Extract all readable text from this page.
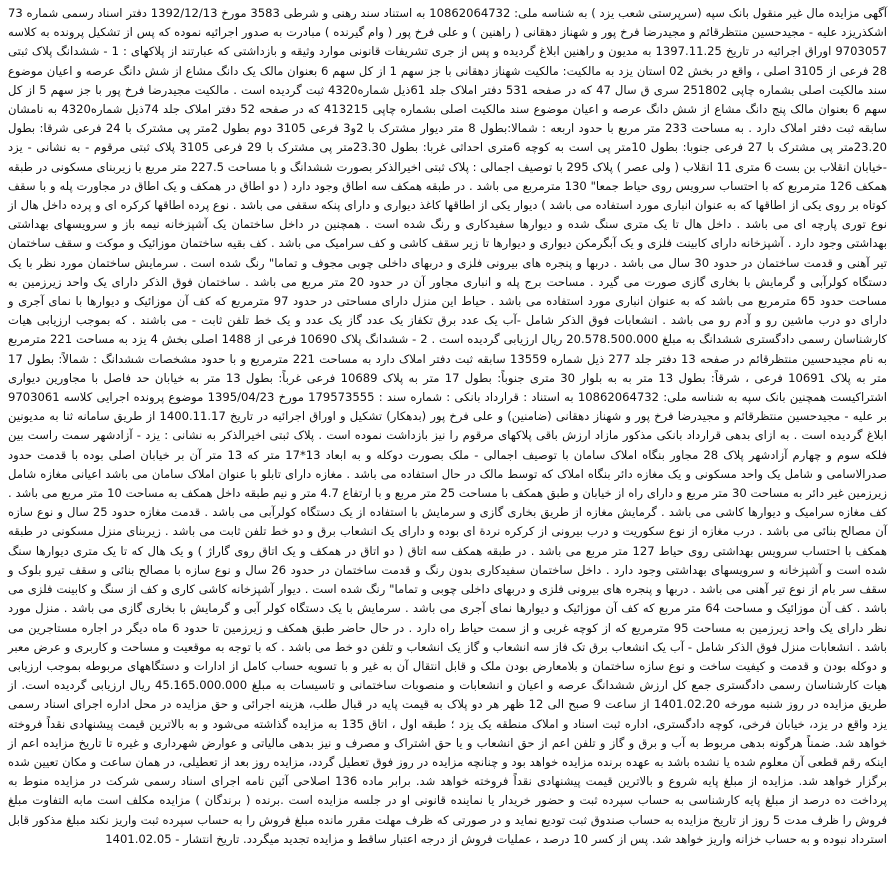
آگهی مزایده مال غیر منقول بانک سپه (سرپرستی شعب یزد ) به شناسه ملی: 10862064732 به استناد سند رهنی و شرطی 3583 مورخ 1392/12/13 دفتر اسناد رسمی شماره 73 اشکذریزد علیه - مجیدحسین منتظرقائم و مجیدرضا فرخ پور و شهناز دهقانی ( راهنین ) و علی فرخ پور ( وام گیرنده ) مبادرت به صدور اجرائیه نموده که پس از تشکیل پرونده به کلاسه 9703057 اوراق اجرائیه در تاریخ 1397.11.25 به مدیون و راهنین ابلاغ گردیده و پس از جری تشریفات قانونی موارد وثیقه و بازداشتی که عبارتند از پلاکهای : 1 - ششدانگ پلاک ثبتی 28 فرعی از 3105 اصلی ، واقع در بخش 02 استان یزد به مالکیت: مالکیت شهناز دهقانی با جز سهم 1 از کل سهم 6 بعنوان مالک یک دانگ مشاع از شش دانگ عرصه و اعیان موضوع سند مالکیت اصلی بشماره چاپی 251802 سری ق سال 47 که در صفحه 531 دفتر املاک جلد 61ذیل شماره4320 ثبت گردیده است . مالکیت مجیدرضا فرخ پور با جز سهم 5 از کل سهم 6 بعنوان مالک پنج دانگ مشاع از شش دانگ عرصه و اعیان موضوع سند مالکیت اصلی بشماره چاپی 413215 که در صفحه 52 دفتر املاک جلد 74ذیل شماره4320 به نامشان سابقه ثبت دفتر املاک دارد . به مساحت 233 متر مربع با حدود اربعه : شمالا:بطول 8 متر دیوار مشترک با 2و3 فرعی 3105 دوم بطول 2متر پی مشترک با 24 فرعی شرقا: بطول 23.20متر پی مشترک با 27 فرعی جنوبا: بطول 10متر پی است به کوچه 6متری احداثی غربا: بطول 23.30متر پی مشترک با 29 فرعی 3105 پلاک ثبتی مرقوم - به نشانی - یزد -خیابان انقلاب بن بست 6 متری 11 انقلاب ( ولی عصر ) پلاک 295 با توصیف اجمالی : پلاک ثبتی اخیرالذکر بصورت ششدانگ و با مساحت 227.5 متر مربع با زیربنای مسکونی در طبقه همکف 126 مترمربع که با احتساب سرویس روی حیاط جمعا" 130 مترمربع می باشد . در طبقه همکف سه اطاق وجود دارد ( دو اطاق در همکف و یک اطاق در مجاورت پله و با سقف کوتاه بر روی یکی از اطاقها که به عنوان انباری مورد استفاده می باشد ) دیوار یکی از اطاقها کاغذ دیواری و دارای پنکه سقفی می باشد . نوع پرده اطاقها کرکره ای و پرده داخل هال از نوع توری پارچه ای می باشد . داخل هال تا یک متری سنگ شده و دیوارها سفیدکاری و رنگ شده است . همچنین در داخل ساختمان یک آشپزخانه نیمه باز و سرویسهای بهداشتی بهداشتی وجود دارد . آشپزخانه دارای کابینت فلزی و یک آبگرمکن دیواری و دیوارها تا زیر سقف کاشی و کف سرامیک می باشد . کف بقیه ساختمان موزائیک و موکت و سقف ساختمان تیر آهنی و قدمت ساختمان در حدود 30 سال می باشد . دربها و پنجره های بیرونی فلزی و دربهای داخلی چوبی مجوف و تماما" رنگ شده است . سرمایش ساختمان مورد نظر با یک دستگاه کولرآبی و گرمایش با بخاری گازی صورت می گیرد . مساحت برج پله و انباری مجاور آن در حدود 20 متر مربع می باشد . ساختمان فوق الذکر دارای یک واحد زیرزمین به مساحت حدود 65 مترمربع می باشد که به عنوان انباری مورد استفاده می باشد . حیاط این منزل دارای مساحتی در حدود 97 مترمربع که کف آن موزائیک و دیوارها با نمای آجری و دارای دو درب ماشین رو و آدم رو می باشد . انشعابات فوق الذکر شامل -آب یک عدد برق تکفاز یک عدد گاز یک عدد و یک خط تلفن ثابت - می باشند . که بموجب ارزیابی هیات کارشناسان رسمی دادگستری ششدانگ به مبلغ 20.578.500.000 ریال ارزیابی گردیده است . 2 - ششدانگ پلاک 10690 فرعی از 1488 اصلی بخش 4 یزد به مساحت 221 مترمربع به نام مجیدحسین منتظرقائم در صفحه 13 دفتر جلد 277 ذیل شماره 13559 سابقه ثبت دفتر املاک دارد به مساحت 221 مترمربع و با حدود مشخصات ششدانگ : شمالاً: بطول 17 متر به پلاک 10691 فرعی ، شرقاً: بطول 13 متر به به بلوار 30 متری جنوباً: بطول 17 متر به پلاک 10689 فرعی غرباً: بطول 13 متر به خیابان حد فاصل با مجاورین دیواری اشتراکیست همچنین بانک سپه به شناسه ملی: 10862064732 به استناد : قرارداد بانکی : شماره سند : 179573555 مورخ 1395/04/23 موضوع پرونده اجرایی کلاسه 9703061 بر علیه - مجیدحسین منتظرقائم و مجیدرضا فرخ پور و شهناز دهقانی (ضامنین) و علی فرخ پور (بدهکار) تشکیل و اوراق اجرائیه در تاریخ 1400.11.17 از طریق سامانه ثنا به مدیونین ابلاغ گردیده است . به ازای بدهی قرارداد بانکی مذکور مازاد ارزش باقی پلاکهای مرقوم را نیز بازداشت نموده است . پلاک ثبتی اخیرالذکر به نشانی : یزد - آزادشهر سمت راست بین فلکه سوم و چهارم آزادشهر پلاک 28 مجاور بنگاه املاک سامان با توصیف اجمالی - ملک بصورت دوکله و به ابعاد 13*17 متر که 13 متر آن بر خیابان اصلی بوده با قدمت حدود صدرالاسامی و شامل یک واحد مسکونی و یک مغازه دائر بنگاه املاک که توسط مالک در حال استفاده می باشد . مغازه دارای تابلو با عنوان املاک سامان می باشد اعیانی مغازه شامل زیرزمین غیر دائر به مساحت 30 متر مربع و دارای راه از خیابان و طبق همکف با مساحت 25 متر مربع و با ارتفاع 4.7 متر و نیم طبقه داخل همکف به مساحت 10 متر مربع می باشد . کف مغازه سرامیک و دیوارها کاشی می باشد . گرمایش مغازه از طریق بخاری گازی و سرمایش با استفاده از یک دستگاه کولرآبی می باشد . قدمت مغازه حدود 25 سال و نوع سازه آن مصالح بنائی می باشد . درب مغازه از نوع سکوریت و درب بیرونی از کرکره نردة ای بوده و دارای یک انشعاب برق و دو خط تلفن ثابت می باشد . زیربنای منزل مسکونی در طبقه همکف با احتساب سرویس بهداشتی روی حیاط 127 متر مربع می باشد . در طبقه همکف سه اتاق ( دو اتاق در همکف و یک اتاق روی گاراژ ) و یک هال که تا یک متری دیوارها سنگ شده است و آشپزخانه و سرویسهای بهداشتی وجود دارد . داخل ساختمان سفیدکاری بدون رنگ و قدمت ساختمان در حدود 26 سال و نوع سازه با مصالح بنائی و سقف تیرو بلوک و سقف سر بام از نوع تیر آهنی می باشد . دربها و پنجره های بیرونی فلزی و دربهای داخلی چوبی و تماما" رنگ شده است . دیوار آشپزخانه کاشی کاری و کف از سنگ و کابینت فلزی می باشد . کف آن موزائیک و مساحت 64 متر مربع که کف آن موزائیک و دیوارها نمای آجری می باشد . سرمایش با یک دستگاه کولر آبی و گرمایش با بخاری گازی می باشد . منزل مورد نظر دارای یک واحد زیرزمین به مساحت 95 مترمربع که از کوچه غربی و از سمت حیاط راه دارد . در حال حاضر طبق همکف و زیرزمین تا حدود 6 ماه دیگر در اجاره مستاجرین می باشد . انشعابات منزل فوق الذکر شامل - آب یک انشعاب برق تک فاز سه انشعاب و گاز یک انشعاب و تلفن دو خط می باشد . که با توجه به موقعیت و مساحت و کاربری و عرض معبر و دوکله بودن و قدمت و کیفیت ساخت و نوع سازه ساختمان و بلامعارض بودن ملک و قابل انتقال آن به غیر و با تسویه حساب کامل از ادارات و دستگاههای مربوطه بموجب ارزیابی هیات کارشناسان رسمی دادگستری جمع کل ارزش ششدانگ عرصه و اعیان و انشعابات و منصوبات ساختمانی و تاسیسات به مبلغ 45.165.000.000 ریال ارزیابی گردیده است. از طریق مزایده در روز شنبه مورخه 1401.02.20 از ساعت 9 صبح الی 12 ظهر هر دو پلاک به قیمت پایه در قبال طلب، هزینه اجرائی و حق مزایده در محل اداره اجرای اسناد رسمی یزد واقع در یزد، خیابان فرخی، کوچه دادگستری، اداره ثبت اسناد و املاک منطقه یک یزد ؛ طبقه اول ، اتاق 135 به مزایده گذاشته می‌شود و به بالاترین قیمت پیشنهادی نقداً فروخته خواهد شد. ضمناً هرگونه بدهی مربوط به آب و برق و گاز و تلفن اعم از حق انشعاب و یا حق اشتراک و مصرف و نیز بدهی مالیاتی و عوارض شهرداری و غیره تا تاریخ مزایده اعم از اینکه رقم قطعی آن معلوم شده یا نشده باشد به عهده برنده مزایده خواهد بود و چنانچه مزایده در روز فوق تعطیل گردد، مزایده روز بعد از تعطیلی، در همان ساعت و مکان تعیین شده برگزار خواهد شد. مزایده از مبلغ پایه شروع و بالاترین قیمت پیشنهادی نقداً فروخته خواهد شد. برابر ماده 136 اصلاحی آئین نامه اجرای اسناد رسمی شرکت در مزایده منوط به پرداخت ده درصد از مبلغ پایه کارشناسی به حساب سپرده ثبت و حضور خریدار یا نماینده قانونی او در جلسه مزایده است .برنده ( برندگان ) مزایده مکلف است مابه التفاوت مبلغ فروش را ظرف مدت 5 روز از تاریخ مزایده به حساب صندوق ثبت تودیع نماید و در صورتی که ظرف مهلت مقرر مانده مبلغ فروش را به حساب سپرده ثبت واریز نکند مبلغ مذکور قابل استرداد نبوده و به حساب خزانه واریز خواهد شد. پس از کسر 10 درصد ، عملیات فروش از درجه اعتبار ساقط و مزایده تجدید میگردد. تاریخ انتشار - 1401.02.05
